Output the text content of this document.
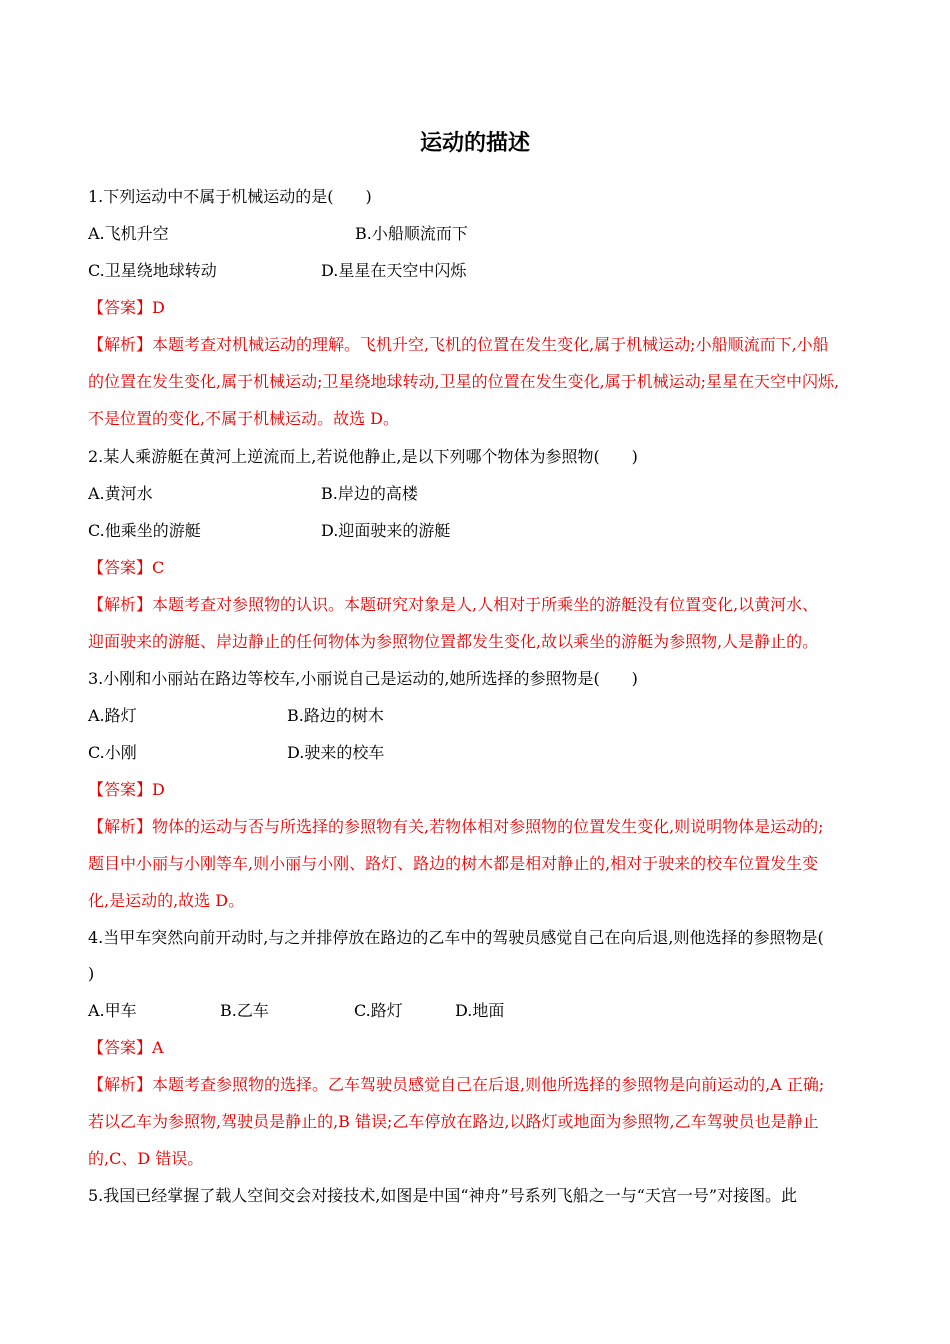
运动的描述
1.下列运动中不属于机械运动的是(　　)
A.飞机升空	B.小船顺流而下
C.卫星绕地球转动	D.星星在天空中闪烁
【答案】D
【解析】本题考查对机械运动的理解。飞机升空,飞机的位置在发生变化,属于机械运动;小船顺流而下,小船
的位置在发生变化,属于机械运动;卫星绕地球转动,卫星的位置在发生变化,属于机械运动;星星在天空中闪烁,
不是位置的变化,不属于机械运动。故选 D。
2.某人乘游艇在黄河上逆流而上,若说他静止,是以下列哪个物体为参照物(　　)
A.黄河水	B.岸边的高楼
C.他乘坐的游艇	D.迎面驶来的游艇
【答案】C
【解析】本题考查对参照物的认识。本题研究对象是人,人相对于所乘坐的游艇没有位置变化,以黄河水、
迎面驶来的游艇、岸边静止的任何物体为参照物位置都发生变化,故以乘坐的游艇为参照物,人是静止的。
3.小刚和小丽站在路边等校车,小丽说自己是运动的,她所选择的参照物是(　　)
A.路灯	B.路边的树木
C.小刚	D.驶来的校车
【答案】D
【解析】物体的运动与否与所选择的参照物有关,若物体相对参照物的位置发生变化,则说明物体是运动的;
题目中小丽与小刚等车,则小丽与小刚、路灯、路边的树木都是相对静止的,相对于驶来的校车位置发生变
化,是运动的,故选 D。
4.当甲车突然向前开动时,与之并排停放在路边的乙车中的驾驶员感觉自己在向后退,则他选择的参照物是(
)
A.甲车	B.乙车	C.路灯	D.地面
【答案】A
【解析】本题考查参照物的选择。乙车驾驶员感觉自己在后退,则他所选择的参照物是向前运动的,A 正确;
若以乙车为参照物,驾驶员是静止的,B 错误;乙车停放在路边,以路灯或地面为参照物,乙车驾驶员也是静止
的,C、D 错误。
5.我国已经掌握了载人空间交会对接技术,如图是中国“神舟”号系列飞船之一与“天宫一号”对接图。此
